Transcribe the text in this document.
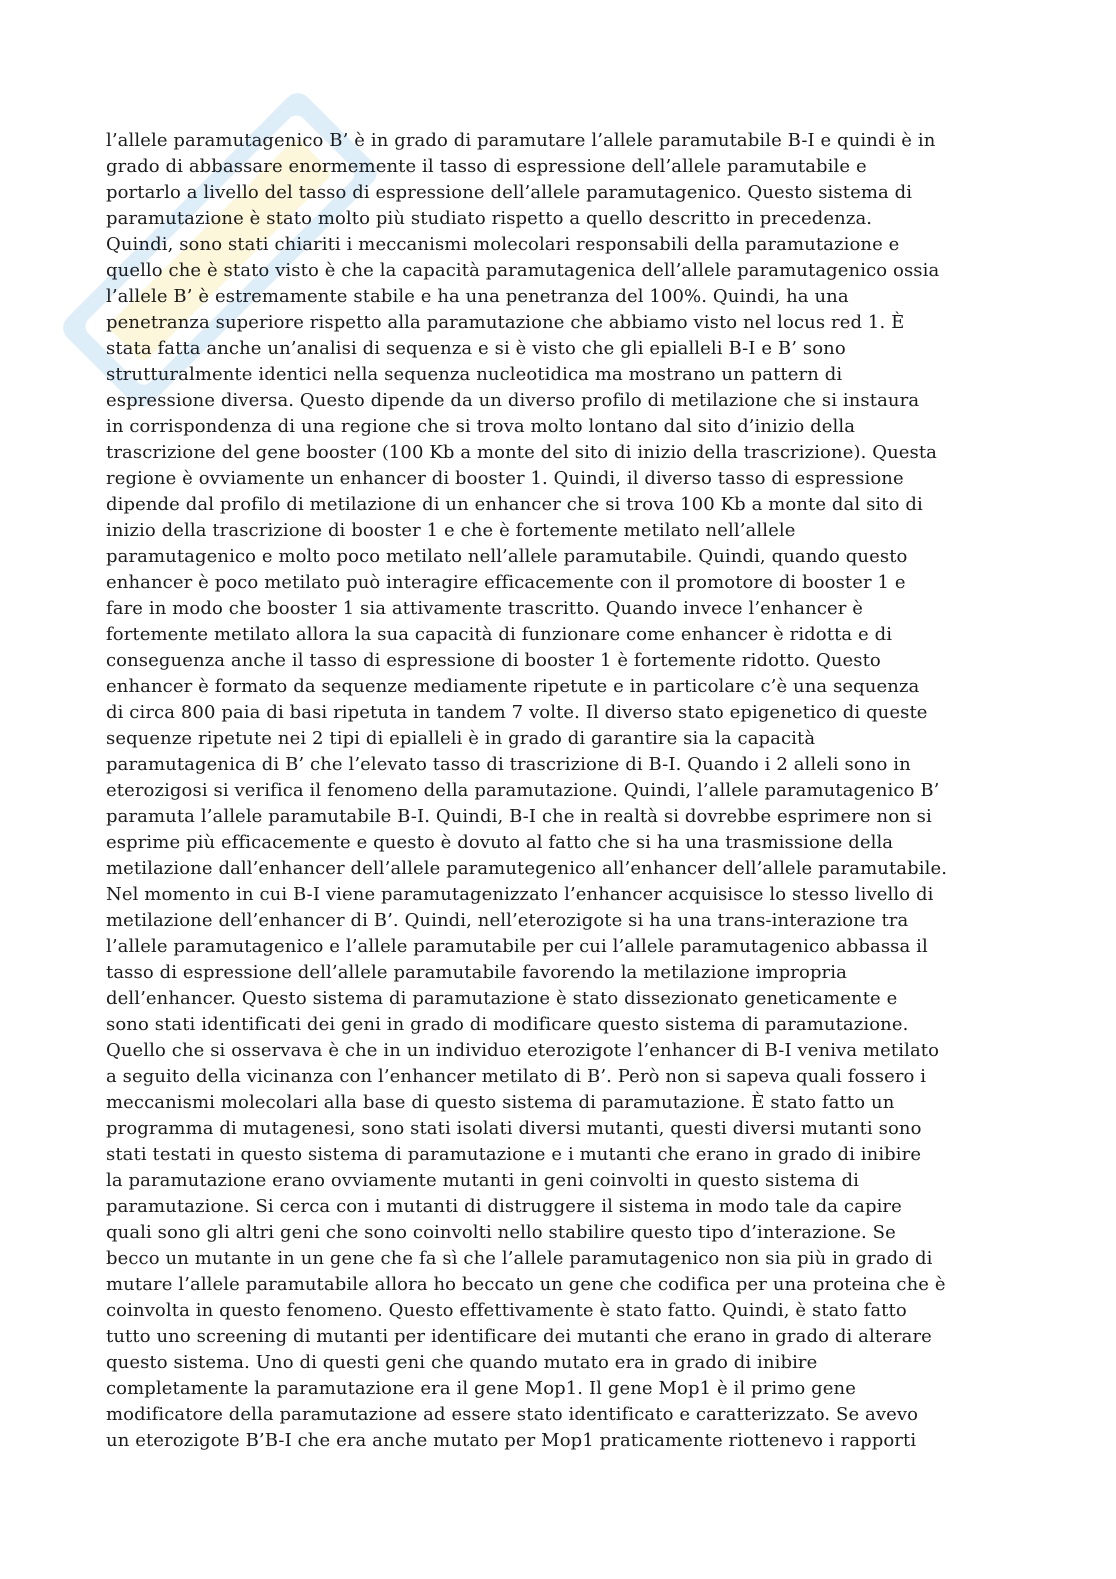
l’allele paramutagenico B’ è in grado di paramutare l’allele paramutabile B-I e quindi è in
grado di abbassare enormemente il tasso di espressione dell’allele paramutabile e
portarlo a livello del tasso di espressione dell’allele paramutagenico. Questo sistema di
paramutazione è stato molto più studiato rispetto a quello descritto in precedenza.
Quindi, sono stati chiariti i meccanismi molecolari responsabili della paramutazione e
quello che è stato visto è che la capacità paramutagenica dell’allele paramutagenico ossia
l’allele B’ è estremamente stabile e ha una penetranza del 100%. Quindi, ha una
penetranza superiore rispetto alla paramutazione che abbiamo visto nel locus red 1. È
stata fatta anche un’analisi di sequenza e si è visto che gli epialleli B-I e B’ sono
strutturalmente identici nella sequenza nucleotidica ma mostrano un pattern di
espressione diversa. Questo dipende da un diverso profilo di metilazione che si instaura
in corrispondenza di una regione che si trova molto lontano dal sito d’inizio della
trascrizione del gene booster (100 Kb a monte del sito di inizio della trascrizione). Questa
regione è ovviamente un enhancer di booster 1. Quindi, il diverso tasso di espressione
dipende dal profilo di metilazione di un enhancer che si trova 100 Kb a monte dal sito di
inizio della trascrizione di booster 1 e che è fortemente metilato nell’allele
paramutagenico e molto poco metilato nell’allele paramutabile. Quindi, quando questo
enhancer è poco metilato può interagire efficacemente con il promotore di booster 1 e
fare in modo che booster 1 sia attivamente trascritto. Quando invece l’enhancer è
fortemente metilato allora la sua capacità di funzionare come enhancer è ridotta e di
conseguenza anche il tasso di espressione di booster 1 è fortemente ridotto. Questo
enhancer è formato da sequenze mediamente ripetute e in particolare c’è una sequenza
di circa 800 paia di basi ripetuta in tandem 7 volte. Il diverso stato epigenetico di queste
sequenze ripetute nei 2 tipi di epialleli è in grado di garantire sia la capacità
paramutagenica di B’ che l’elevato tasso di trascrizione di B-I. Quando i 2 alleli sono in
eterozigosi si verifica il fenomeno della paramutazione. Quindi, l’allele paramutagenico B’
paramuta l’allele paramutabile B-I. Quindi, B-I che in realtà si dovrebbe esprimere non si
esprime più efficacemente e questo è dovuto al fatto che si ha una trasmissione della
metilazione dall’enhancer dell’allele paramutegenico all’enhancer dell’allele paramutabile.
Nel momento in cui B-I viene paramutagenizzato l’enhancer acquisisce lo stesso livello di
metilazione dell’enhancer di B’. Quindi, nell’eterozigote si ha una trans-interazione tra
l’allele paramutagenico e l’allele paramutabile per cui l’allele paramutagenico abbassa il
tasso di espressione dell’allele paramutabile favorendo la metilazione impropria
dell’enhancer. Questo sistema di paramutazione è stato dissezionato geneticamente e
sono stati identificati dei geni in grado di modificare questo sistema di paramutazione.
Quello che si osservava è che in un individuo eterozigote l’enhancer di B-I veniva metilato
a seguito della vicinanza con l’enhancer metilato di B’. Però non si sapeva quali fossero i
meccanismi molecolari alla base di questo sistema di paramutazione. È stato fatto un
programma di mutagenesi, sono stati isolati diversi mutanti, questi diversi mutanti sono
stati testati in questo sistema di paramutazione e i mutanti che erano in grado di inibire
la paramutazione erano ovviamente mutanti in geni coinvolti in questo sistema di
paramutazione. Si cerca con i mutanti di distruggere il sistema in modo tale da capire
quali sono gli altri geni che sono coinvolti nello stabilire questo tipo d’interazione. Se
becco un mutante in un gene che fa sì che l’allele paramutagenico non sia più in grado di
mutare l’allele paramutabile allora ho beccato un gene che codifica per una proteina che è
coinvolta in questo fenomeno. Questo effettivamente è stato fatto. Quindi, è stato fatto
tutto uno screening di mutanti per identificare dei mutanti che erano in grado di alterare
questo sistema. Uno di questi geni che quando mutato era in grado di inibire
completamente la paramutazione era il gene Mop1. Il gene Mop1 è il primo gene
modificatore della paramutazione ad essere stato identificato e caratterizzato. Se avevo
un eterozigote B’B-I che era anche mutato per Mop1 praticamente riottenevo i rapporti
